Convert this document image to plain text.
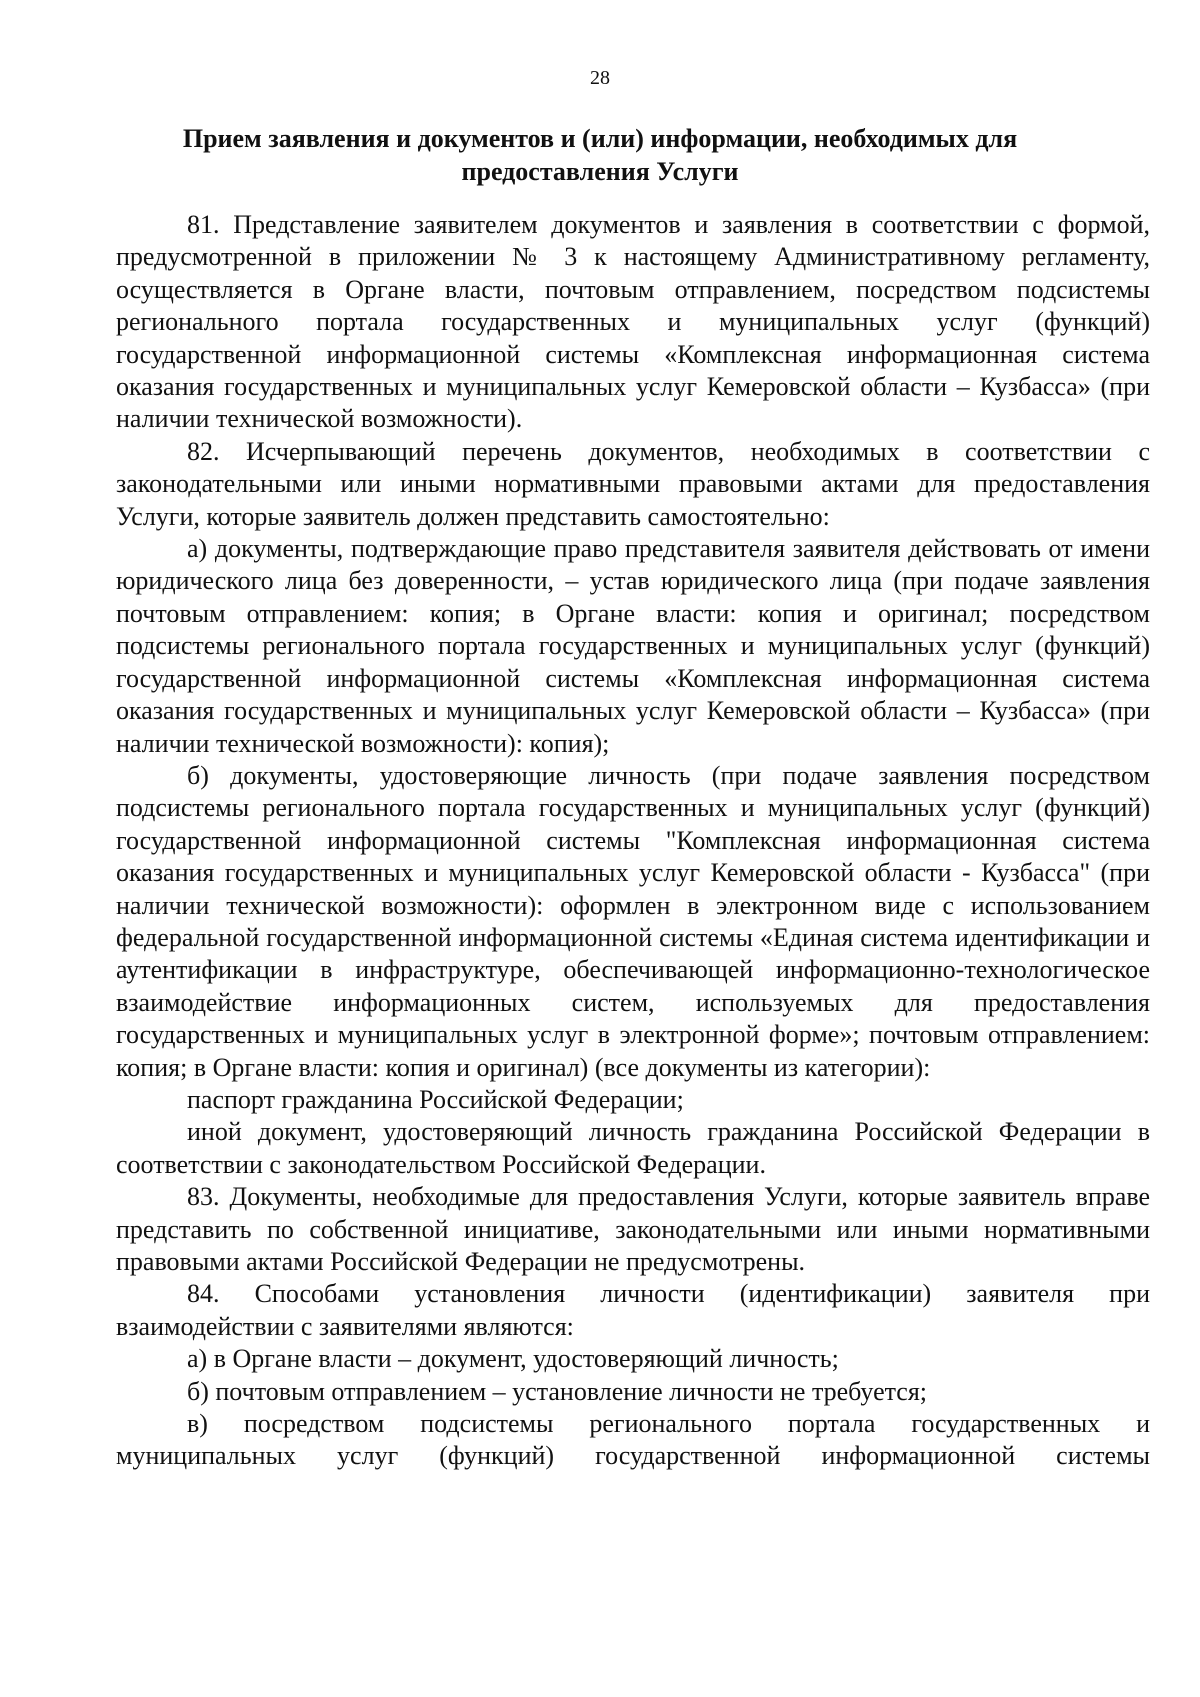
28
Прием заявления и документов и (или) информации, необходимых для предоставления Услуги

81. Представление заявителем документов и заявления в соответствии с формой, предусмотренной в приложении № 3 к настоящему Административному регламенту, осуществляется в Органе власти, почтовым отправлением, посредством подсистемы регионального портала государственных и муниципальных услуг (функций) государственной информационной системы «Комплексная информационная система оказания государственных и муниципальных услуг Кемеровской области – Кузбасса» (при наличии технической возможности).

82. Исчерпывающий перечень документов, необходимых в соответствии с законодательными или иными нормативными правовыми актами для предоставления Услуги, которые заявитель должен представить самостоятельно:

а) документы, подтверждающие право представителя заявителя действовать от имени юридического лица без доверенности, – устав юридического лица (при подаче заявления почтовым отправлением: копия; в Органе власти: копия и оригинал; посредством подсистемы регионального портала государственных и муниципальных услуг (функций) государственной информационной системы «Комплексная информационная система оказания государственных и муниципальных услуг Кемеровской области – Кузбасса» (при наличии технической возможности): копия);

б) документы, удостоверяющие личность (при подаче заявления посредством подсистемы регионального портала государственных и муниципальных услуг (функций) государственной информационной системы "Комплексная информационная система оказания государственных и муниципальных услуг Кемеровской области - Кузбасса" (при наличии технической возможности): оформлен в электронном виде с использованием федеральной государственной информационной системы «Единая система идентификации и аутентификации в инфраструктуре, обеспечивающей информационно-технологическое взаимодействие информационных систем, используемых для предоставления государственных и муниципальных услуг в электронной форме»; почтовым отправлением: копия; в Органе власти: копия и оригинал) (все документы из категории):

паспорт гражданина Российской Федерации;

иной документ, удостоверяющий личность гражданина Российской Федерации в соответствии с законодательством Российской Федерации.

83. Документы, необходимые для предоставления Услуги, которые заявитель вправе представить по собственной инициативе, законодательными или иными нормативными правовыми актами Российской Федерации не предусмотрены.

84. Способами установления личности (идентификации) заявителя при взаимодействии с заявителями являются:

а) в Органе власти – документ, удостоверяющий личность;

б) почтовым отправлением – установление личности не требуется;

в) посредством подсистемы регионального портала государственных и муниципальных услуг (функций) государственной информационной системы
